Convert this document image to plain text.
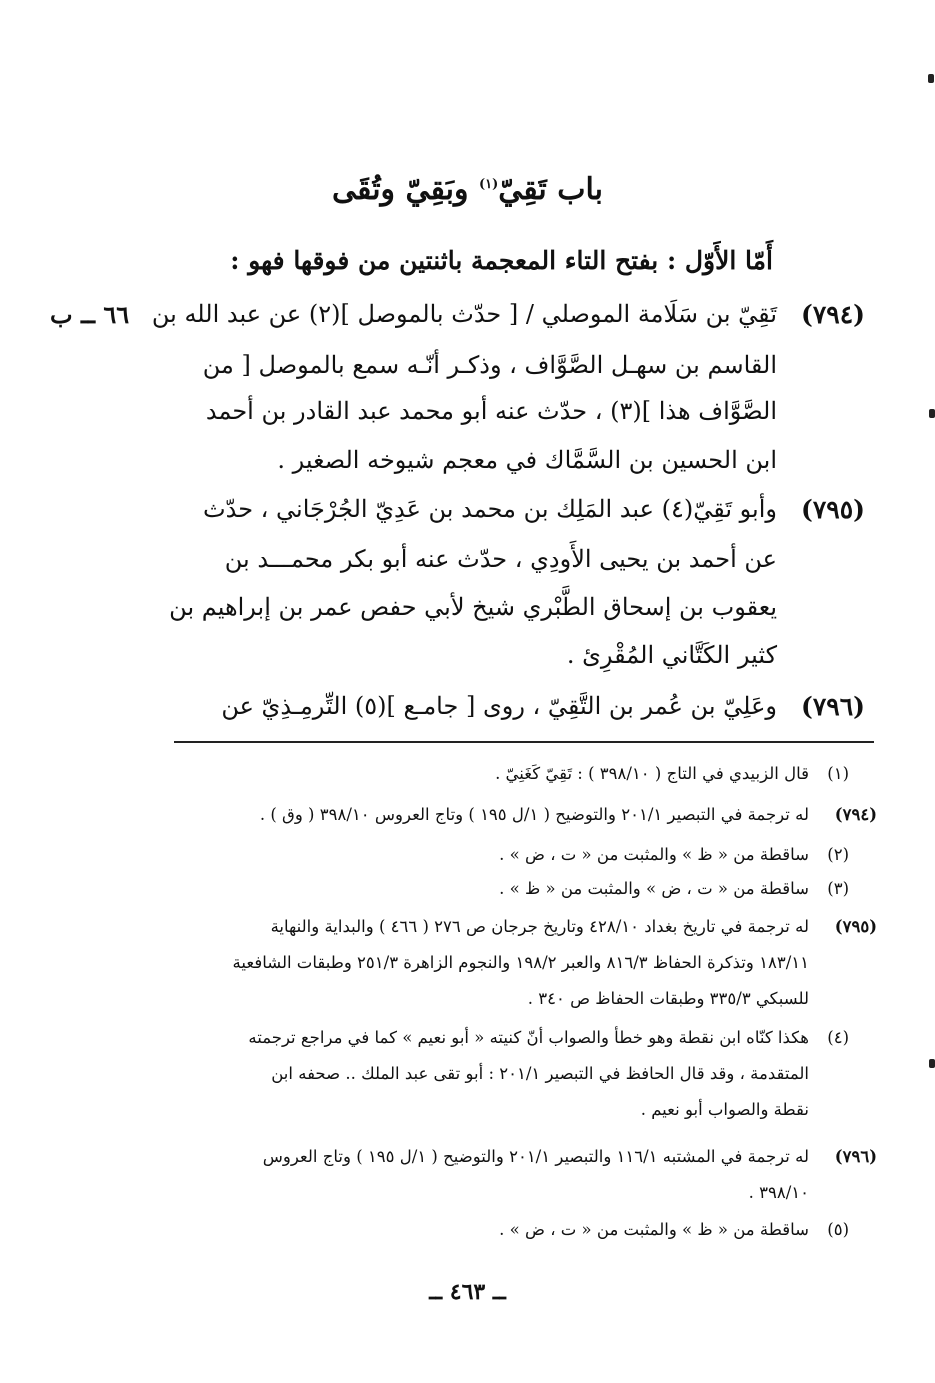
باب تَقِيّ$^{(١)}$ وبَقِيّ وتُقَى
أَمّا الأَوّل : بفتح التاء المعجمة باثنتين من فوقها فهو :
(٧٩٤)
٦٦ ــ ب تَقِيّ بن سَلَامة الموصلي / [ حدّث بالموصل ](٢) عن عبد الله بن
القاسم بن سهـل الصَّوَّاف ، وذكـر أنّـه سمع بالموصل [ من
الصَّوَّاف هذا ](٣) ، حدّث عنه أبو محمد عبد القادر بن أحمد
ابن الحسين بن السَّمَّاك في معجم شيوخه الصغير .
(٧٩٥)
وأبو تَقِيّ(٤) عبد المَلِك بن محمد بن عَدِيّ الجُرْجَاني ، حدّث
عن أحمد بن يحيى الأَودِي ، حدّث عنه أبو بكر محمـــد بن
يعقوب بن إسحاق الطَّبْري شيخ لأبي حفص عمر بن إبراهيم بن
كثير الكَتَّاني المُقْرِئ .
(٧٩٦)
وعَلِيّ بن عُمر بن التَّقِيّ ، روى [ جامـع ](٥) التِّرمِـذِيّ عن
(١)
قال الزبيدي في التاج ( ٣٩٨/١٠ ) : تَقِيّ كَغَنِيّ .
(٧٩٤)
له ترجمة في التبصير ٢٠١/١ والتوضيح ( ١/ل ١٩٥ ) وتاج العروس ٣٩٨/١٠ ( وق ) .
(٢)
ساقطة من « ظ » والمثبت من « ت ، ض » .
(٣)
ساقطة من « ت ، ض » والمثبت من « ظ » .
(٧٩٥)
له ترجمة في تاريخ بغداد ٤٢٨/١٠ وتاريخ جرجان ص ٢٧٦ ( ٤٦٦ ) والبداية والنهاية
١٨٣/١١ وتذكرة الحفاظ ٨١٦/٣ والعبر ١٩٨/٢ والنجوم الزاهرة ٢٥١/٣ وطبقات الشافعية
للسبكي ٣٣٥/٣ وطبقات الحفاظ ص ٣٤٠ .
(٤)
هكذا كنّاه ابن نقطة وهو خطأ والصواب أنّ كنيته « أبو نعيم » كما في مراجع ترجمته
المتقدمة ، وقد قال الحافظ في التبصير ٢٠١/١ : أبو تقى عبد الملك .. صحفه ابن
نقطة والصواب أبو نعيم .
(٧٩٦)
له ترجمة في المشتبه ١١٦/١ والتبصير ٢٠١/١ والتوضيح ( ١/ل ١٩٥ ) وتاج العروس
٣٩٨/١٠ .
(٥)
ساقطة من « ظ » والمثبت من « ت ، ض » .
ــ ٤٦٣ ــ
